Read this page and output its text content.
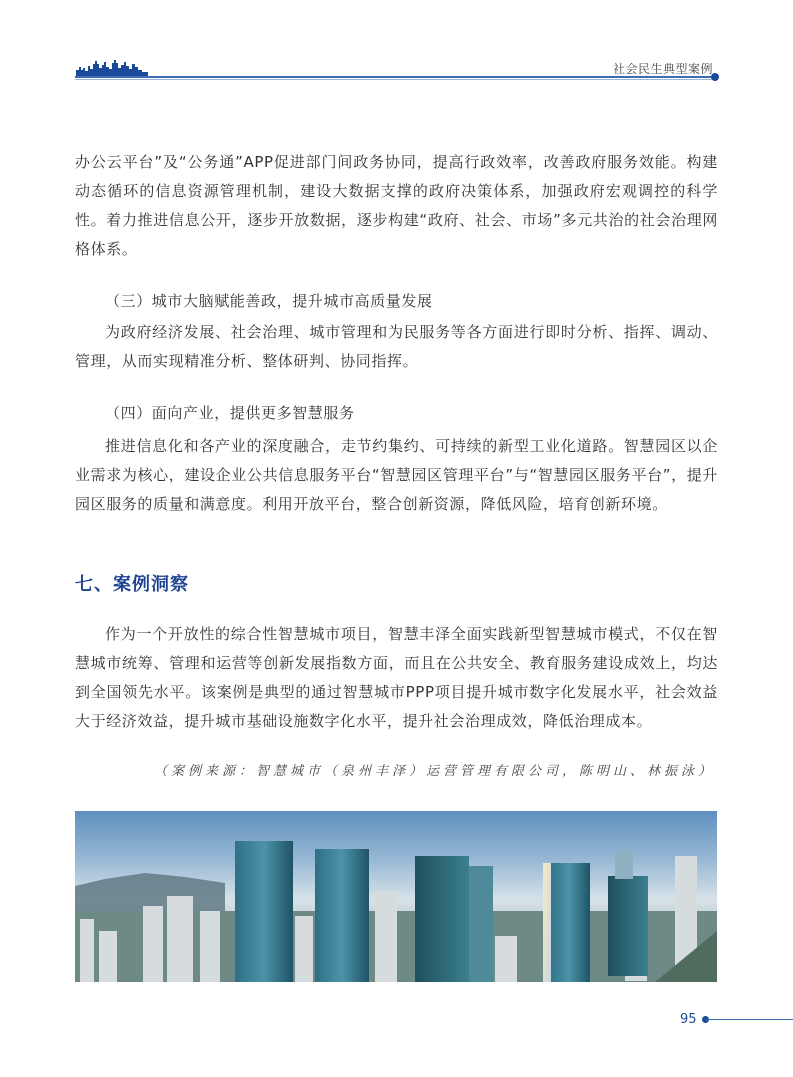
社会民生典型案例

办公云平台”及“公务通”APP促进部门间政务协同，提高行政效率，改善政府服务效能。构建动态循环的信息资源管理机制，建设大数据支撑的政府决策体系，加强政府宏观调控的科学性。着力推进信息公开，逐步开放数据，逐步构建“政府、社会、市场”多元共治的社会治理网格体系。

（三）城市大脑赋能善政，提升城市高质量发展

为政府经济发展、社会治理、城市管理和为民服务等各方面进行即时分析、指挥、调动、管理，从而实现精准分析、整体研判、协同指挥。

（四）面向产业，提供更多智慧服务

推进信息化和各产业的深度融合，走节约集约、可持续的新型工业化道路。智慧园区以企业需求为核心，建设企业公共信息服务平台“智慧园区管理平台”与“智慧园区服务平台”，提升园区服务的质量和满意度。利用开放平台，整合创新资源，降低风险，培育创新环境。

七、案例洞察

作为一个开放性的综合性智慧城市项目，智慧丰泽全面实践新型智慧城市模式，不仅在智慧城市统筹、管理和运营等创新发展指数方面，而且在公共安全、教育服务建设成效上，均达到全国领先水平。该案例是典型的通过智慧城市PPP项目提升城市数字化发展水平，社会效益大于经济效益，提升城市基础设施数字化水平，提升社会治理成效，降低治理成本。

（案例来源：智慧城市（泉州丰泽）运营管理有限公司，陈明山、林振泳）
95
